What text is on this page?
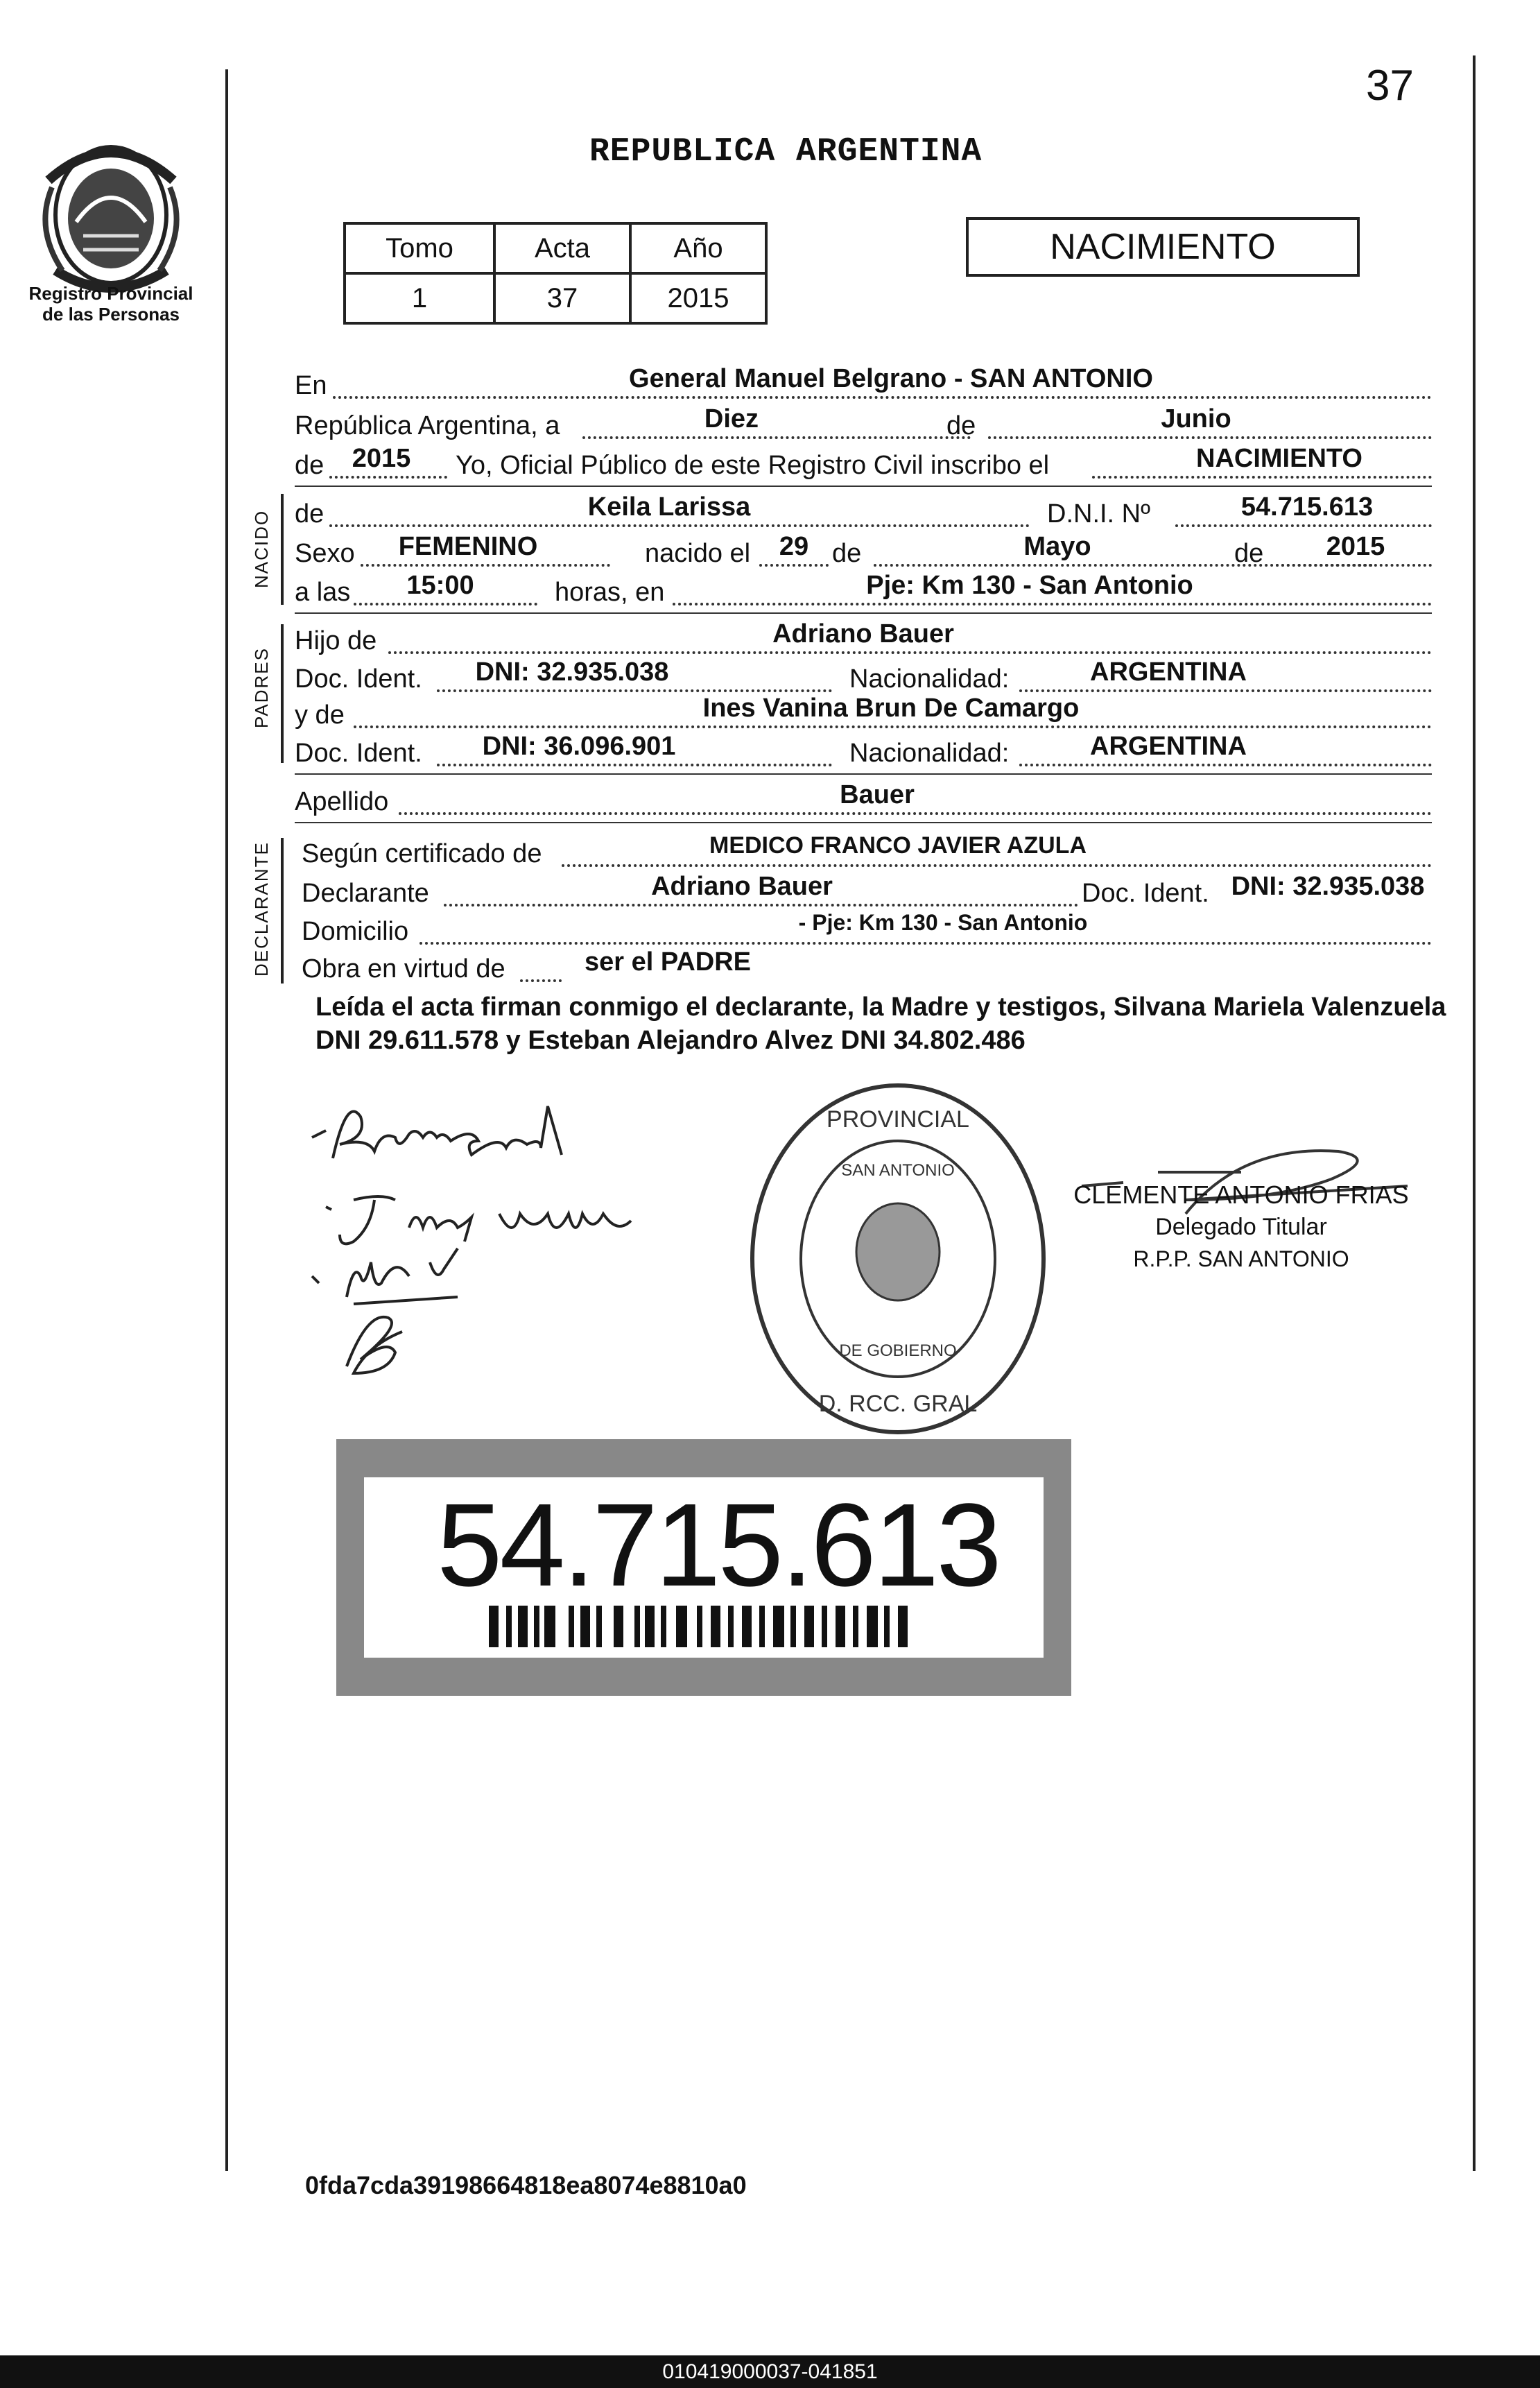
37
REPUBLICA ARGENTINA
Registro Provincial
de las Personas
Tomo	Acta	Año
1	37	2015
NACIMIENTO
En	General Manuel Belgrano - SAN ANTONIO
República Argentina, a	Diez	de	Junio
de	2015	Yo, Oficial Público de este Registro Civil inscribo el	NACIMIENTO
NACIDO de	Keila Larissa	D.N.I. Nº	54.715.613
Sexo	FEMENINO	nacido el	29 de	Mayo	de	2015
a las	15:00	horas, en	Pje: Km 130 - San Antonio
PADRES
Hijo de	Adriano Bauer
Doc. Ident.	DNI: 32.935.038	Nacionalidad:	ARGENTINA
y de	Ines Vanina Brun De Camargo
Doc. Ident.	DNI: 36.096.901	Nacionalidad:	ARGENTINA
Apellido	Bauer
DECLARANTE Según certificado de	MEDICO FRANCO JAVIER AZULA
Declarante	Adriano Bauer	Doc. Ident. DNI: 32.935.038
Domicilio	- Pje: Km 130 - San Antonio
Obra en virtud de	ser el PADRE
Leída el acta firman conmigo el declarante, la Madre y testigos, Silvana Mariela Valenzuela DNI 29.611.578 y Esteban Alejandro Alvez DNI 34.802.486
PROVINCIAL
D. RCC. GRAL
SAN ANTONIO
DE GOBIERNO
CLEMENTE ANTONIO FRIAS
Delegado Titular
R.P.P. SAN ANTONIO
54.715.613
0fda7cda39198664818ea8074e8810a0
010419000037-041851
